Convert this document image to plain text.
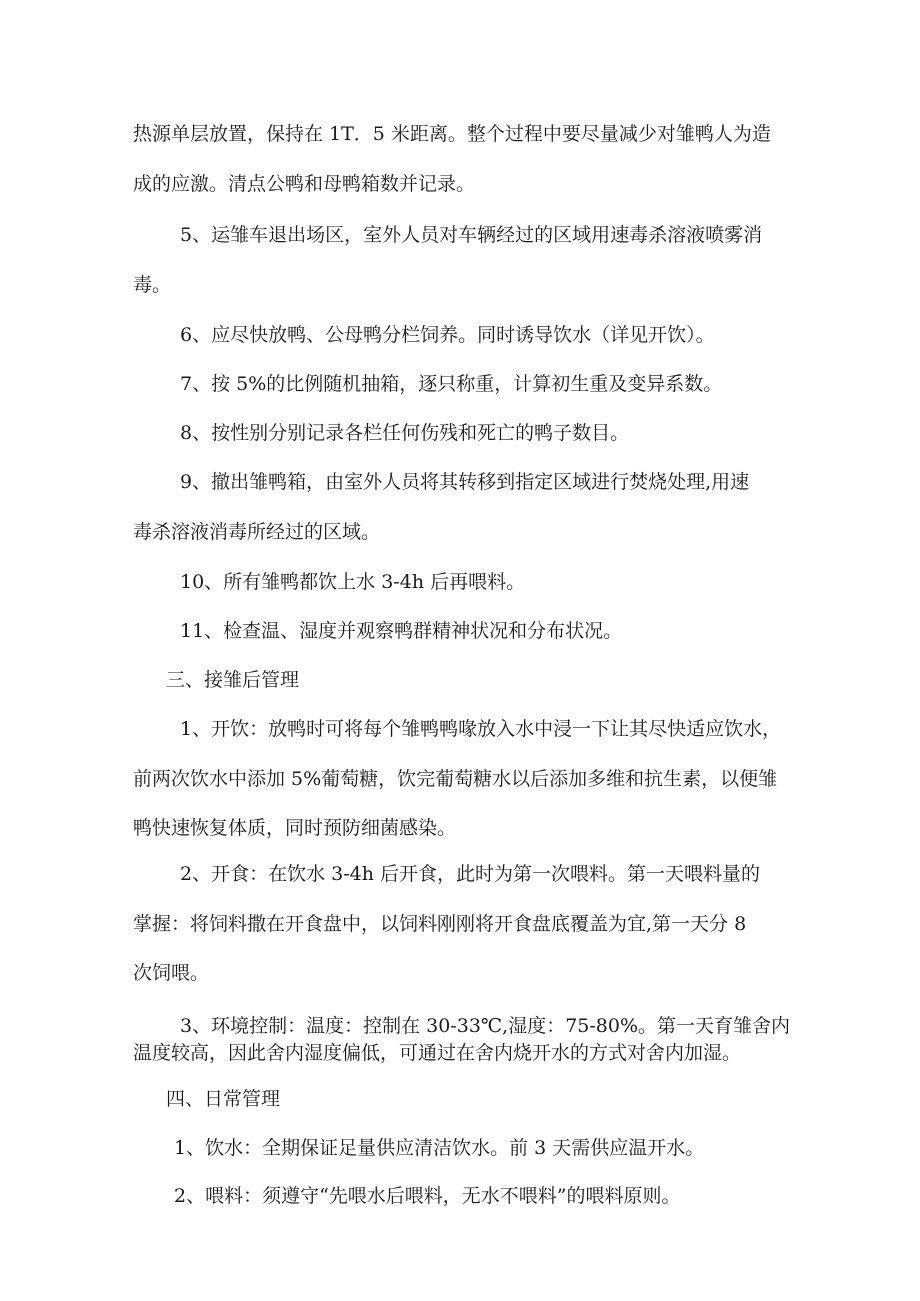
热源单层放置，保持在 1T．5 米距离。整个过程中要尽量减少对雏鸭人为造
成的应激。清点公鸭和母鸭箱数并记录。
5、运雏车退出场区，室外人员对车辆经过的区域用速毒杀溶液喷雾消
毒。
6、应尽快放鸭、公母鸭分栏饲养。同时诱导饮水（详见开饮）。
7、按 5%的比例随机抽箱，逐只称重，计算初生重及变异系数。
8、按性别分别记录各栏任何伤残和死亡的鸭子数目。
9、撤出雏鸭箱，由室外人员将其转移到指定区域进行焚烧处理,用速
毒杀溶液消毒所经过的区域。
10、所有雏鸭都饮上水 3-4h 后再喂料。
11、检查温、湿度并观察鸭群精神状况和分布状况。
三、接雏后管理
1、开饮：放鸭时可将每个雏鸭鸭喙放入水中浸一下让其尽快适应饮水，
前两次饮水中添加 5%葡萄糖，饮完葡萄糖水以后添加多维和抗生素，以便雏
鸭快速恢复体质，同时预防细菌感染。
2、开食：在饮水 3-4h 后开食，此时为第一次喂料。第一天喂料量的
掌握：将饲料撒在开食盘中，以饲料刚刚将开食盘底覆盖为宜,第一天分 8
次饲喂。
3、环境控制：温度：控制在 30-33℃,湿度：75-80%。第一天育雏舍内
温度较高，因此舍内湿度偏低，可通过在舍内烧开水的方式对舍内加湿。
四、日常管理
1、饮水：全期保证足量供应清洁饮水。前 3 天需供应温开水。
2、喂料：须遵守“先喂水后喂料，无水不喂料”的喂料原则。
